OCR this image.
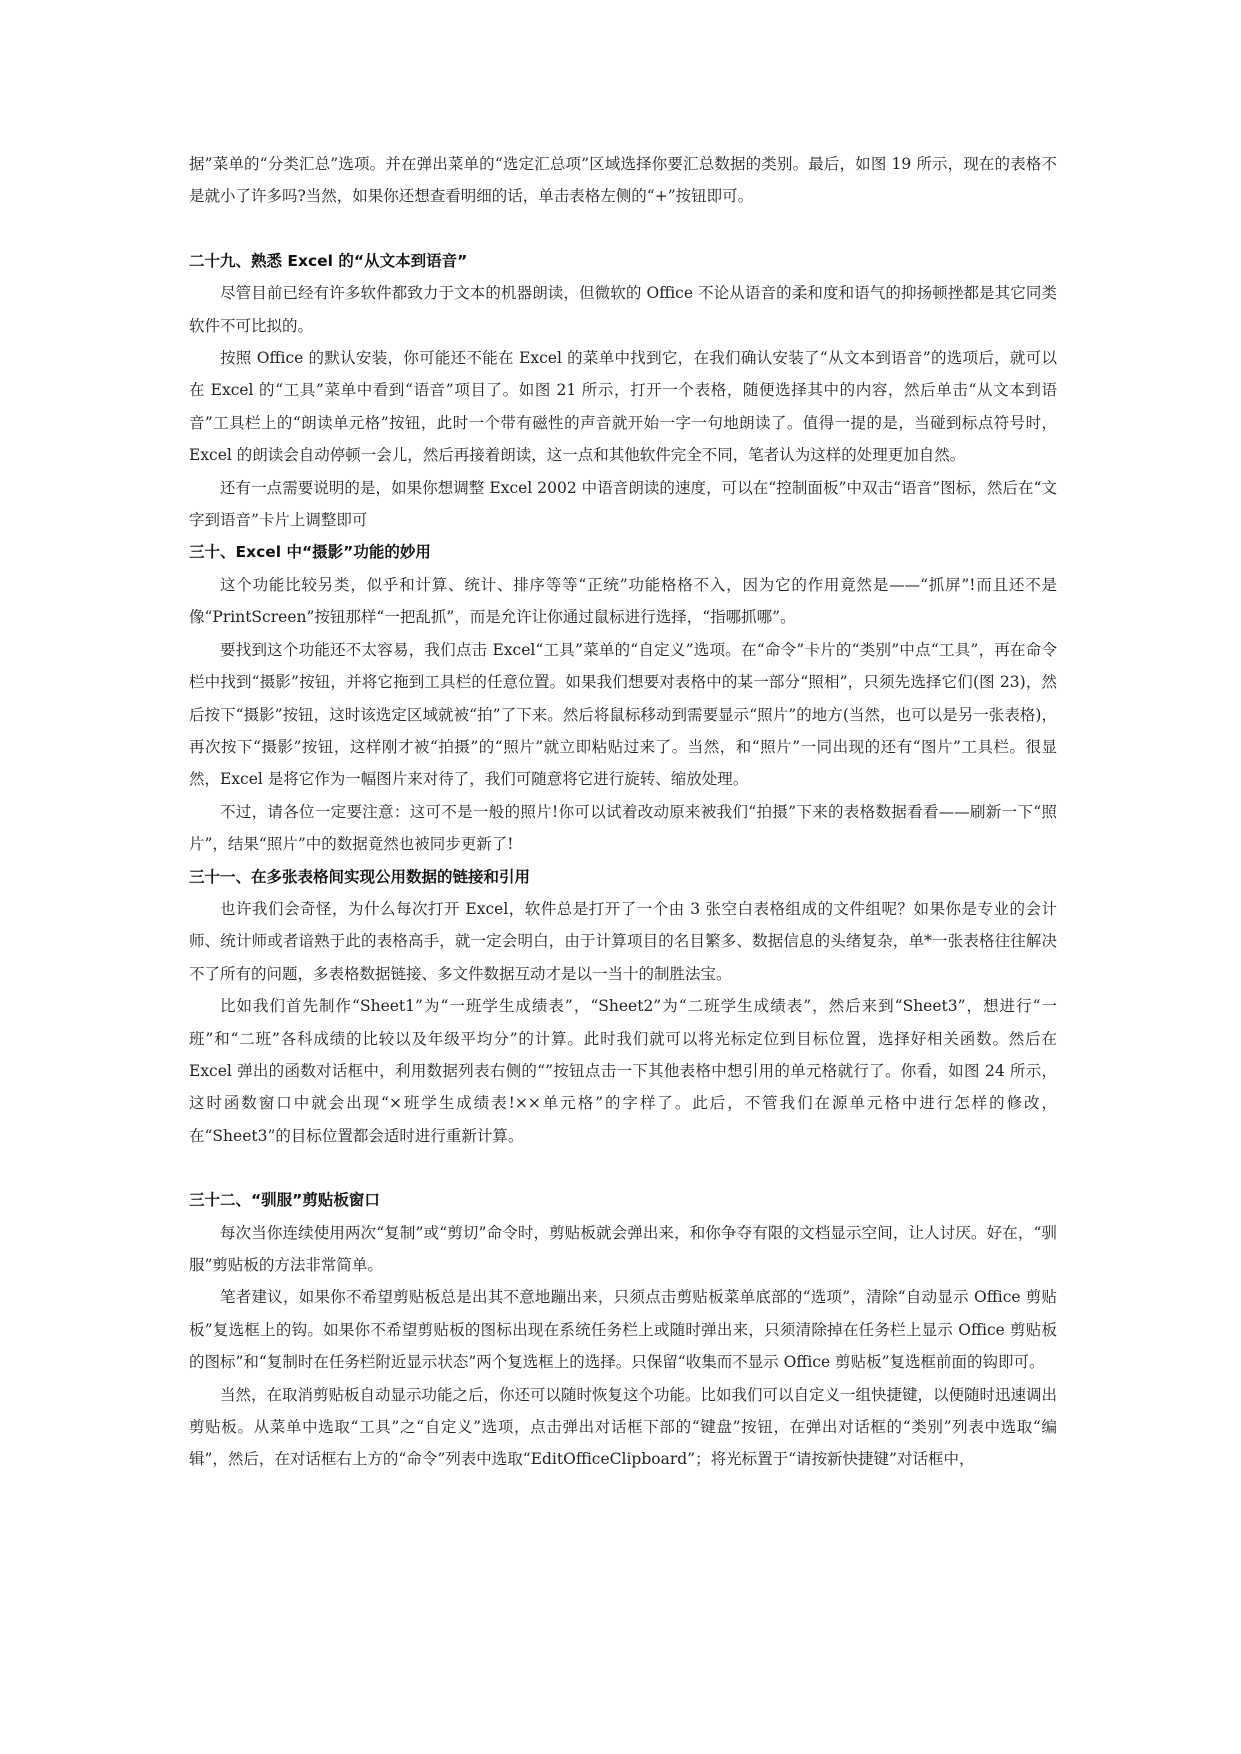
据”菜单的“分类汇总”选项。并在弹出菜单的“选定汇总项”区域选择你要汇总数据的类别。最后，如图 19 所示，现在的表格不是就小了许多吗?当然，如果你还想查看明细的话，单击表格左侧的“+”按钮即可。

二十九、熟悉 Excel 的“从文本到语音”

尽管目前已经有许多软件都致力于文本的机器朗读，但微软的 Office 不论从语音的柔和度和语气的抑扬顿挫都是其它同类软件不可比拟的。

按照 Office 的默认安装，你可能还不能在 Excel 的菜单中找到它，在我们确认安装了“从文本到语音”的选项后，就可以在 Excel 的“工具”菜单中看到“语音”项目了。如图 21 所示，打开一个表格，随便选择其中的内容，然后单击“从文本到语音”工具栏上的“朗读单元格”按钮，此时一个带有磁性的声音就开始一字一句地朗读了。值得一提的是，当碰到标点符号时，Excel 的朗读会自动停顿一会儿，然后再接着朗读，这一点和其他软件完全不同，笔者认为这样的处理更加自然。

还有一点需要说明的是，如果你想调整 Excel 2002 中语音朗读的速度，可以在“控制面板”中双击“语音”图标，然后在“文字到语音”卡片上调整即可

三十、Excel 中“摄影”功能的妙用

这个功能比较另类，似乎和计算、统计、排序等等“正统”功能格格不入，因为它的作用竟然是——“抓屏”!而且还不是像“PrintScreen”按钮那样“一把乱抓”，而是允许让你通过鼠标进行选择，“指哪抓哪”。

要找到这个功能还不太容易，我们点击 Excel“工具”菜单的“自定义”选项。在“命令”卡片的“类别”中点“工具”，再在命令栏中找到“摄影”按钮，并将它拖到工具栏的任意位置。如果我们想要对表格中的某一部分“照相”，只须先选择它们(图 23)，然后按下“摄影”按钮，这时该选定区域就被“拍”了下来。然后将鼠标移动到需要显示“照片”的地方(当然，也可以是另一张表格)，再次按下“摄影”按钮，这样刚才被“拍摄”的“照片”就立即粘贴过来了。当然，和“照片”一同出现的还有“图片”工具栏。很显然，Excel 是将它作为一幅图片来对待了，我们可随意将它进行旋转、缩放处理。

不过，请各位一定要注意：这可不是一般的照片!你可以试着改动原来被我们“拍摄”下来的表格数据看看——刷新一下“照片”，结果“照片”中的数据竟然也被同步更新了!

三十一、在多张表格间实现公用数据的链接和引用

也许我们会奇怪，为什么每次打开 Excel，软件总是打开了一个由 3 张空白表格组成的文件组呢？如果你是专业的会计师、统计师或者谙熟于此的表格高手，就一定会明白，由于计算项目的名目繁多、数据信息的头绪复杂，单*一张表格往往解决不了所有的问题，多表格数据链接、多文件数据互动才是以一当十的制胜法宝。

比如我们首先制作“Sheet1”为“一班学生成绩表”，“Sheet2”为“二班学生成绩表”，然后来到“Sheet3”，想进行“一班”和“二班”各科成绩的比较以及年级平均分”的计算。此时我们就可以将光标定位到目标位置，选择好相关函数。然后在 Excel 弹出的函数对话框中，利用数据列表右侧的“”按钮点击一下其他表格中想引用的单元格就行了。你看，如图 24 所示，这时函数窗口中就会出现“×班学生成绩表!××单元格”的字样了。此后，不管我们在源单元格中进行怎样的修改，在“Sheet3”的目标位置都会适时进行重新计算。

三十二、“驯服”剪贴板窗口

每次当你连续使用两次“复制”或“剪切”命令时，剪贴板就会弹出来，和你争夺有限的文档显示空间，让人讨厌。好在，“驯服”剪贴板的方法非常简单。

笔者建议，如果你不希望剪贴板总是出其不意地蹦出来，只须点击剪贴板菜单底部的“选项”，清除“自动显示 Office 剪贴板”复选框上的钩。如果你不希望剪贴板的图标出现在系统任务栏上或随时弹出来，只须清除掉在任务栏上显示 Office 剪贴板的图标”和“复制时在任务栏附近显示状态”两个复选框上的选择。只保留“收集而不显示 Office 剪贴板”复选框前面的钩即可。

当然，在取消剪贴板自动显示功能之后，你还可以随时恢复这个功能。比如我们可以自定义一组快捷键，以便随时迅速调出剪贴板。从菜单中选取“工具”之“自定义”选项，点击弹出对话框下部的“键盘”按钮，在弹出对话框的“类别”列表中选取“编辑”，然后，在对话框右上方的“命令”列表中选取“EditOfficeClipboard”；将光标置于“请按新快捷键”对话框中，
